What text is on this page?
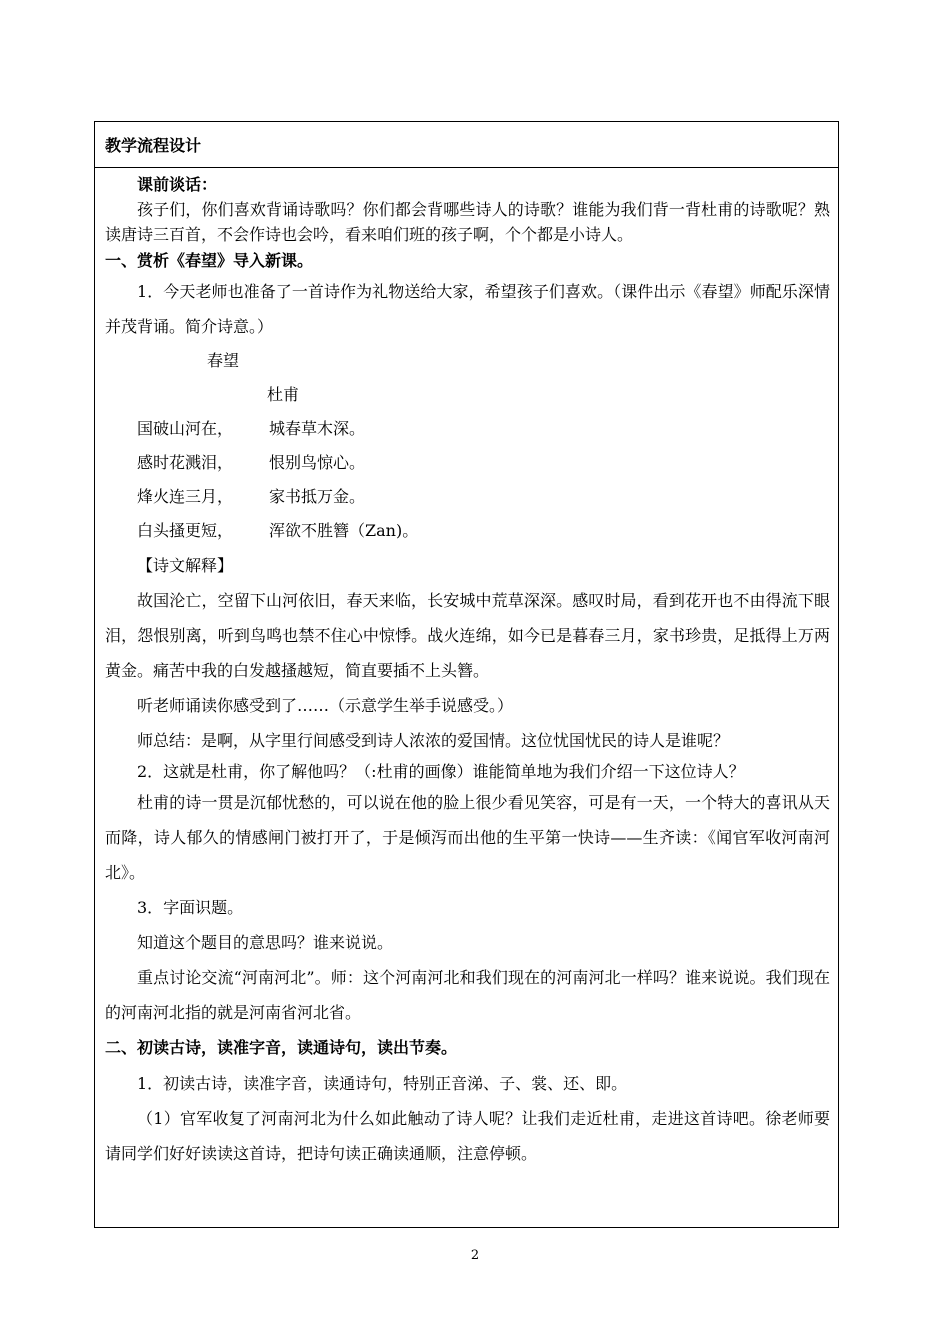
教学流程设计

课前谈话：

孩子们，你们喜欢背诵诗歌吗？你们都会背哪些诗人的诗歌？谁能为我们背一背杜甫的诗歌呢？熟读唐诗三百首，不会作诗也会吟，看来咱们班的孩子啊，个个都是小诗人。

一、赏析《春望》导入新课。

1．今天老师也准备了一首诗作为礼物送给大家，希望孩子们喜欢。（课件出示《春望》师配乐深情并茂背诵。简介诗意。）

春望

杜甫

国破山河在，	城春草木深。

感时花溅泪，	恨别鸟惊心。

烽火连三月，	家书抵万金。

白头搔更短，	浑欲不胜簪（Zan)。

【诗文解释】

故国沦亡，空留下山河依旧，春天来临，长安城中荒草深深。感叹时局，看到花开也不由得流下眼泪，怨恨别离，听到鸟鸣也禁不住心中惊悸。战火连绵，如今已是暮春三月，家书珍贵，足抵得上万两黄金。痛苦中我的白发越搔越短，简直要插不上头簪。

听老师诵读你感受到了……（示意学生举手说感受。）

师总结：是啊，从字里行间感受到诗人浓浓的爱国情。这位忧国忧民的诗人是谁呢？

2．这就是杜甫，你了解他吗？（:杜甫的画像）谁能简单地为我们介绍一下这位诗人？

杜甫的诗一贯是沉郁忧愁的，可以说在他的脸上很少看见笑容，可是有一天，一个特大的喜讯从天而降，诗人郁久的情感闸门被打开了，于是倾泻而出他的生平第一快诗——生齐读：《闻官军收河南河北》。

3．字面识题。

知道这个题目的意思吗？谁来说说。

重点讨论交流“河南河北”。师：这个河南河北和我们现在的河南河北一样吗？谁来说说。我们现在的河南河北指的就是河南省河北省。

二、初读古诗，读准字音，读通诗句，读出节奏。

1．初读古诗，读准字音，读通诗句，特别正音涕、子、裳、还、即。

（1）官军收复了河南河北为什么如此触动了诗人呢？让我们走近杜甫，走进这首诗吧。徐老师要请同学们好好读读这首诗，把诗句读正确读通顺，注意停顿。

2
